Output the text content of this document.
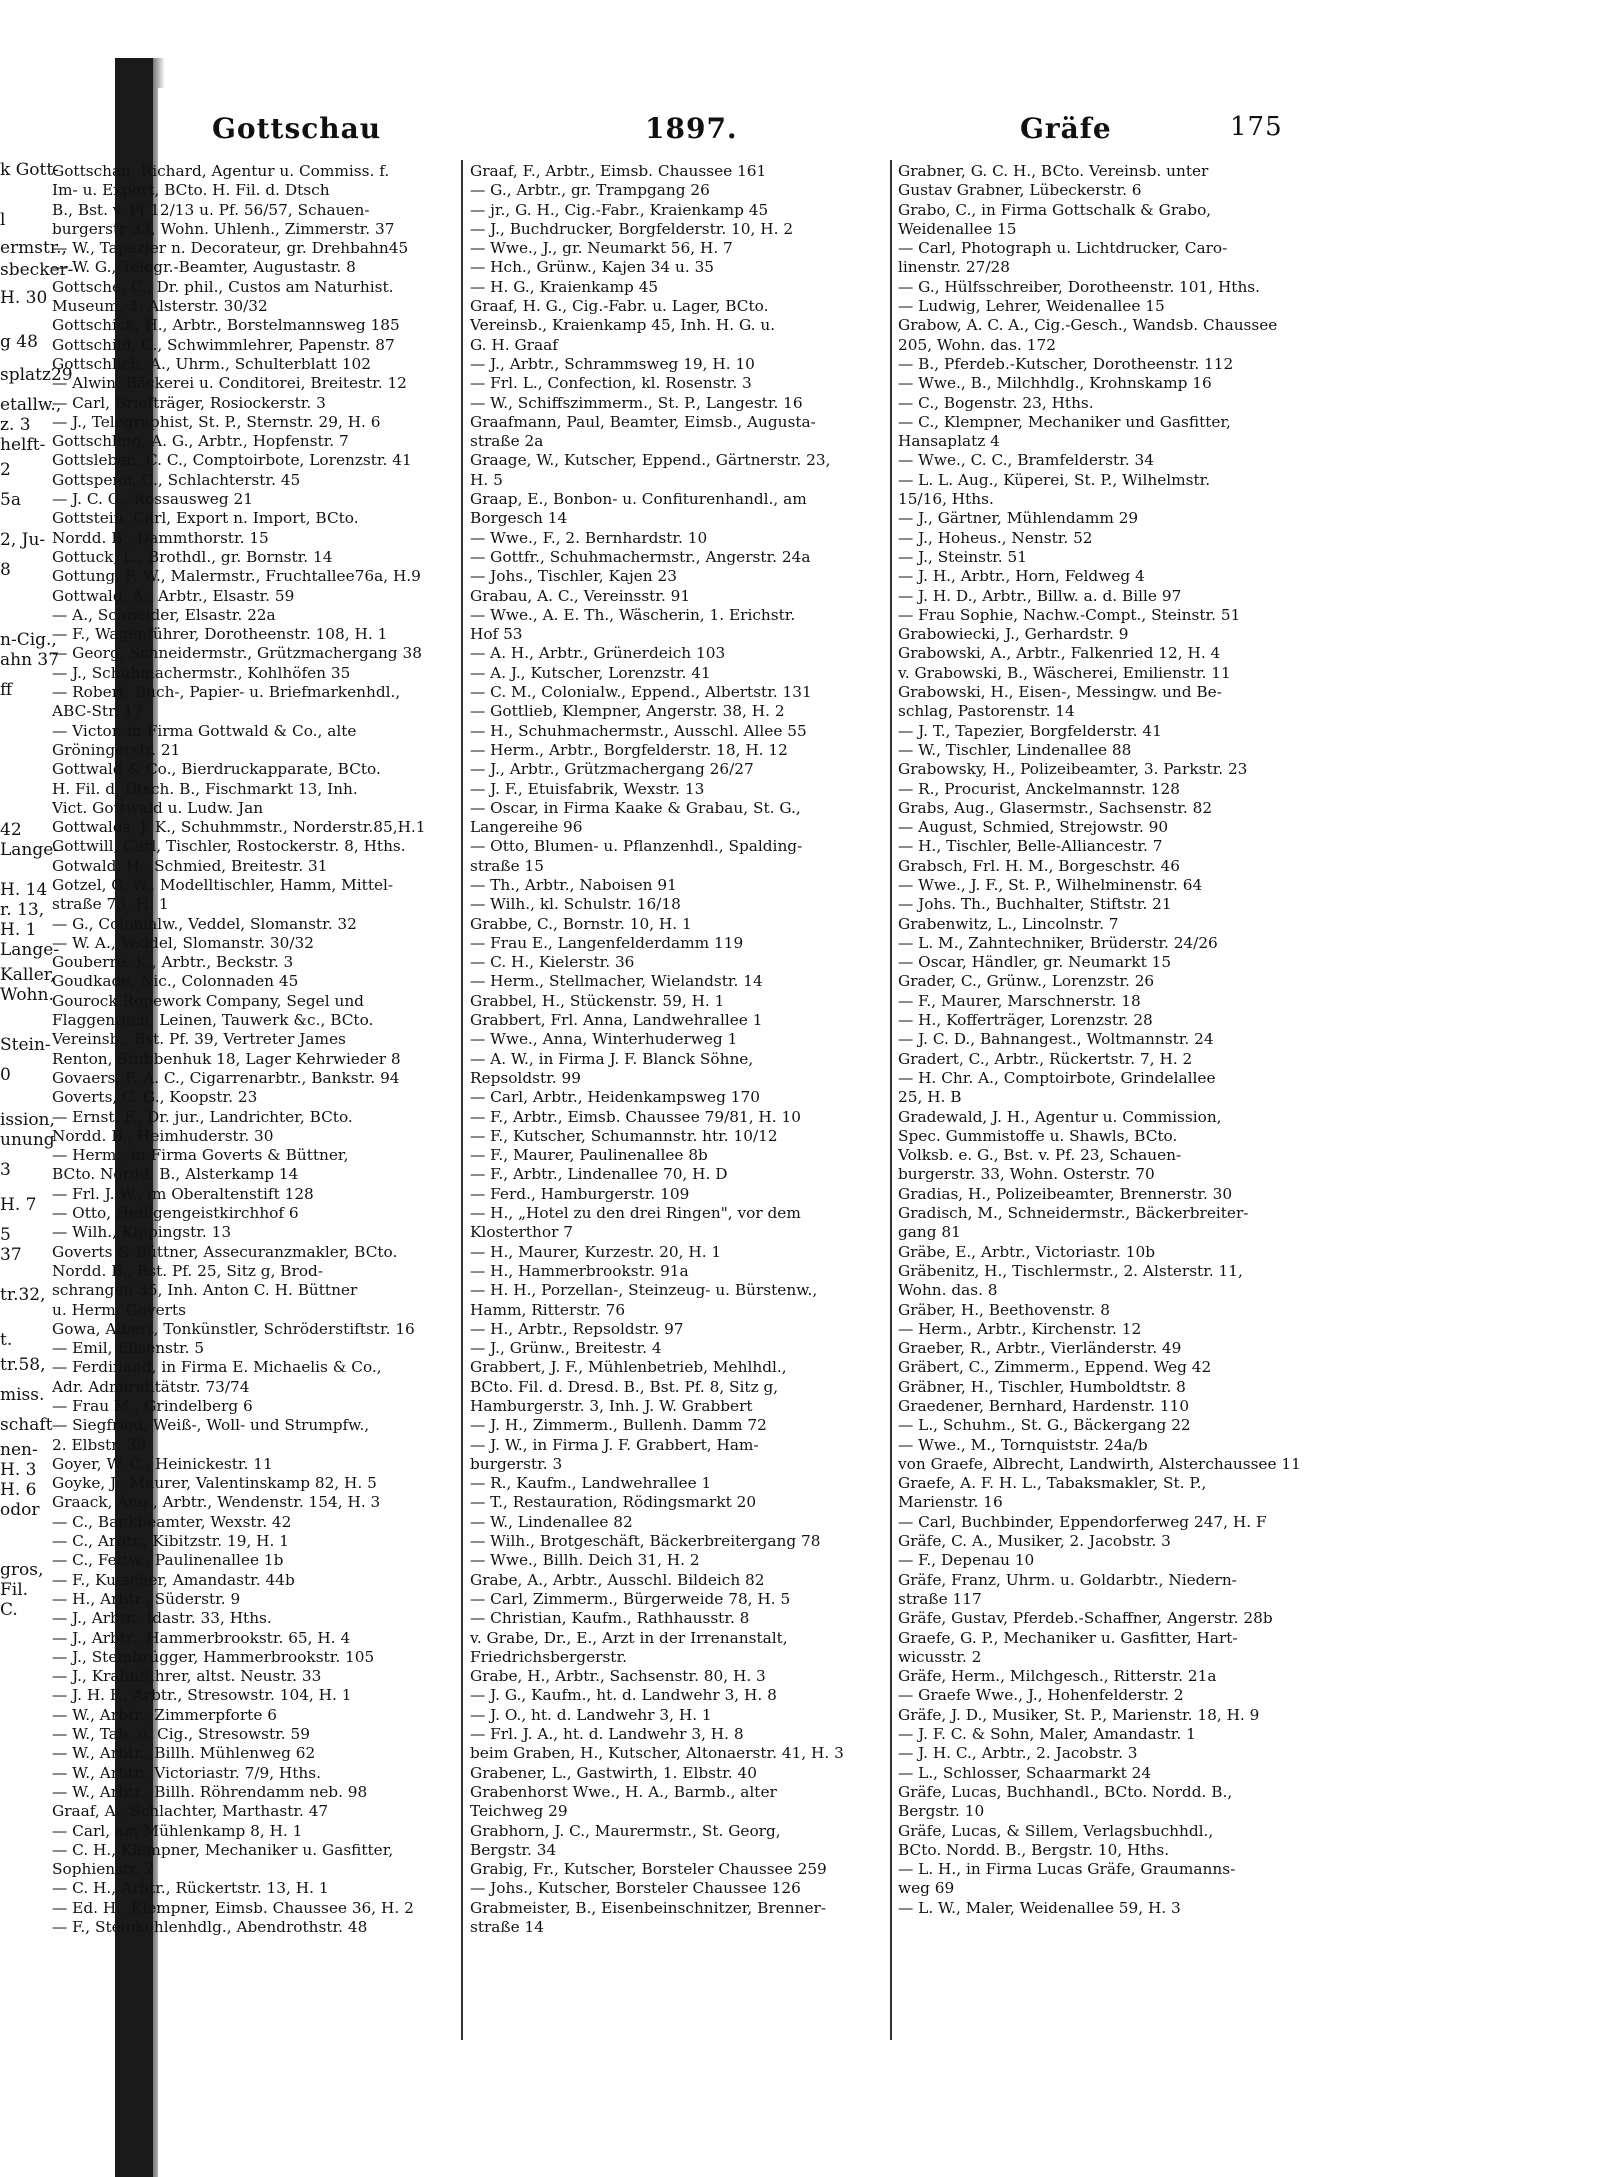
k Gott-
l
ermstr.,
sbecker-
H. 30
g 48
splatz29
etallw.,
z. 3
helft-
2
5a
2, Ju-
8
n-Cig.,
ahn 37
ff
42
Lange-
H. 14
r. 13,
H. 1
Lange-
Kaller,
Wohn.
Stein-
0
ission,
unung
3
H. 7
5
37
tr.32,
t.
tr.58,
miss.
schaft
nen-
H. 3
H. 6
odor
gros,
Fil.
C.
Gottschau	1897.	Gräfe	175
Gottschau, Richard, Agentur u. Commiss. f.
Im- u. Export, BCto. H. Fil. d. Dtsch
B., Bst. v. Pf 12/13 u. Pf. 56/57, Schauen-
burgerstr 33, Wohn. Uhlenh., Zimmerstr. 37
— W., Tapezier n. Decorateur, gr. Drehbahn45
— W. G., Telegr.-Beamter, Augustastr. 8
Gottsche, C., Dr. phil., Custos am Naturhist.
Museum, 3. Alsterstr. 30/32
Gottschick, H., Arbtr., Borstelmannsweg 185
Gottschild, C., Schwimmlehrer, Papenstr. 87
Gottschlich, A., Uhrm., Schulterblatt 102
— Alwin, Bäckerei u. Conditorei, Breitestr. 12
— Carl, Briefträger, Rosiockerstr. 3
— J., Telegraphist, St. P., Sternstr. 29, H. 6
Gottschling, A. G., Arbtr., Hopfenstr. 7
Gottsleben, C. C., Comptoirbote, Lorenzstr. 41
Gottspenn, C., Schlachterstr. 45
— J. C. C., Rossausweg 21
Gottstein, Carl, Export n. Import, BCto.
Nordd. B., Dammthorstr. 15
Gottuck, L., Brothdl., gr. Bornstr. 14
Gottung, F. W., Malermstr., Fruchtallee76a, H.9
Gottwald, A., Arbtr., Elsastr. 59
— A., Schneider, Elsastr. 22a
— F., Wagenführer, Dorotheenstr. 108, H. 1
— Georg, Schneidermstr., Grützmachergang 38
— J., Schuhmachermstr., Kohlhöfen 35
— Robert, Buch-, Papier- u. Briefmarkenhdl.,
ABC-Str. 17
— Victor, in Firma Gottwald & Co., alte
Gröningerstr. 21
Gottwald & Co., Bierdruckapparate, BCto.
H. Fil. d. Dtsch. B., Fischmarkt 13, Inh.
Vict. Gottwald u. Ludw. Jan
Gottwalds, J. K., Schuhmmstr., Norderstr.85,H.1
Gottwill, Carl, Tischler, Rostockerstr. 8, Hths.
Gotwald, H., Schmied, Breitestr. 31
Gotzel, C. W., Modelltischler, Hamm, Mittel-
straße 73, H. 1
— G., Colonialw., Veddel, Slomanstr. 32
— W. A., Veddel, Slomanstr. 30/32
Gouberre, K., Arbtr., Beckstr. 3
Goudkade, Nic., Colonnaden 45
Gourock Ropework Company, Segel und
Flaggentuch, Leinen, Tauwerk &c., BCto.
Vereinsb., Bst. Pf. 39, Vertreter James
Renton, Stubbenhuk 18, Lager Kehrwieder 8
Govaers, F. A. C., Cigarrenarbtr., Bankstr. 94
Goverts, C. G., Koopstr. 23
— Ernst, F., Dr. jur., Landrichter, BCto.
Nordd. B., Heimhuderstr. 30
— Herm., in Firma Goverts & Büttner,
BCto. Nordd. B., Alsterkamp 14
— Frl. J. W., im Oberaltenstift 128
— Otto, Heiligengeistkirchhof 6
— Wilh., Kippingstr. 13
Goverts & Büttner, Assecuranzmakler, BCto.
Nordd. B., Bst. Pf. 25, Sitz g, Brod-
schrangen 35, Inh. Anton C. H. Büttner
u. Herm. Goverts
Gowa, Albert, Tonkünstler, Schröderstiftstr. 16
— Emil, Ellsenstr. 5
— Ferdinand, in Firma E. Michaelis & Co.,
Adr. Admiralitätstr. 73/74
— Frau M., Grindelberg 6
— Siegfried, Weiß-, Woll- und Strumpfw.,
2. Elbstr. 39
Goyer, W. C., Heinickestr. 11
Goyke, J., Maurer, Valentinskamp 82, H. 5
Graack, Aug., Arbtr., Wendenstr. 154, H. 3
— C., Bankbeamter, Wexstr. 42
— C., Arbtr., Kibitzstr. 19, H. 1
— C., Fettw., Paulinenallee 1b
— F., Kutscher, Amandastr. 44b
— H., Arbtr., Süderstr. 9
— J., Arbtr., Idastr. 33, Hths.
— J., Arbtr., Hammerbrookstr. 65, H. 4
— J., Steinbrügger, Hammerbrookstr. 105
— J., Krahnführer, altst. Neustr. 33
— J. H. F., Arbtr., Stresowstr. 104, H. 1
— W., Arbtr., Zimmerpforte 6
— W., Tab. u. Cig., Stresowstr. 59
— W., Arbtr., Billh. Mühlenweg 62
— W., Arbtr., Victoriastr. 7/9, Hths.
— W., Arbtr., Billh. Röhrendamm neb. 98
Graaf, A., Schlachter, Marthastr. 47
— Carl, am Mühlenkamp 8, H. 1
— C. H., Klempner, Mechaniker u. Gasfitter,
Sophienstr. 2
— C. H., Arbtr., Rückertstr. 13, H. 1
— Ed. H., Klempner, Eimsb. Chaussee 36, H. 2
— F., Steinkohlenhdlg., Abendrothstr. 48
Graaf, F., Arbtr., Eimsb. Chaussee 161
— G., Arbtr., gr. Trampgang 26
— jr., G. H., Cig.-Fabr., Kraienkamp 45
— J., Buchdrucker, Borgfelderstr. 10, H. 2
— Wwe., J., gr. Neumarkt 56, H. 7
— Hch., Grünw., Kajen 34 u. 35
— H. G., Kraienkamp 45
Graaf, H. G., Cig.-Fabr. u. Lager, BCto.
Vereinsb., Kraienkamp 45, Inh. H. G. u.
G. H. Graaf
— J., Arbtr., Schrammsweg 19, H. 10
— Frl. L., Confection, kl. Rosenstr. 3
— W., Schiffszimmerm., St. P., Langestr. 16
Graafmann, Paul, Beamter, Eimsb., Augusta-
straße 2a
Graage, W., Kutscher, Eppend., Gärtnerstr. 23,
H. 5
Graap, E., Bonbon- u. Confiturenhandl., am
Borgesch 14
— Wwe., F., 2. Bernhardstr. 10
— Gottfr., Schuhmachermstr., Angerstr. 24a
— Johs., Tischler, Kajen 23
Grabau, A. C., Vereinsstr. 91
— Wwe., A. E. Th., Wäscherin, 1. Erichstr.
Hof 53
— A. H., Arbtr., Grünerdeich 103
— A. J., Kutscher, Lorenzstr. 41
— C. M., Colonialw., Eppend., Albertstr. 131
— Gottlieb, Klempner, Angerstr. 38, H. 2
— H., Schuhmachermstr., Ausschl. Allee 55
— Herm., Arbtr., Borgfelderstr. 18, H. 12
— J., Arbtr., Grützmachergang 26/27
— J. F., Etuisfabrik, Wexstr. 13
— Oscar, in Firma Kaake & Grabau, St. G.,
Langereihe 96
— Otto, Blumen- u. Pflanzenhdl., Spalding-
straße 15
— Th., Arbtr., Naboisen 91
— Wilh., kl. Schulstr. 16/18
Grabbe, C., Bornstr. 10, H. 1
— Frau E., Langenfelderdamm 119
— C. H., Kielerstr. 36
— Herm., Stellmacher, Wielandstr. 14
Grabbel, H., Stückenstr. 59, H. 1
Grabbert, Frl. Anna, Landwehrallee 1
— Wwe., Anna, Winterhuderweg 1
— A. W., in Firma J. F. Blanck Söhne,
Repsoldstr. 99
— Carl, Arbtr., Heidenkampsweg 170
— F., Arbtr., Eimsb. Chaussee 79/81, H. 10
— F., Kutscher, Schumannstr. htr. 10/12
— F., Maurer, Paulinenallee 8b
— F., Arbtr., Lindenallee 70, H. D
— Ferd., Hamburgerstr. 109
— H., „Hotel zu den drei Ringen", vor dem
Klosterthor 7
— H., Maurer, Kurzestr. 20, H. 1
— H., Hammerbrookstr. 91a
— H. H., Porzellan-, Steinzeug- u. Bürstenw.,
Hamm, Ritterstr. 76
— H., Arbtr., Repsoldstr. 97
— J., Grünw., Breitestr. 4
Grabbert, J. F., Mühlenbetrieb, Mehlhdl.,
BCto. Fil. d. Dresd. B., Bst. Pf. 8, Sitz g,
Hamburgerstr. 3, Inh. J. W. Grabbert
— J. H., Zimmerm., Bullenh. Damm 72
— J. W., in Firma J. F. Grabbert, Ham-
burgerstr. 3
— R., Kaufm., Landwehrallee 1
— T., Restauration, Rödingsmarkt 20
— W., Lindenallee 82
— Wilh., Brotgeschäft, Bäckerbreitergang 78
— Wwe., Billh. Deich 31, H. 2
Grabe, A., Arbtr., Ausschl. Bildeich 82
— Carl, Zimmerm., Bürgerweide 78, H. 5
— Christian, Kaufm., Rathhausstr. 8
v. Grabe, Dr., E., Arzt in der Irrenanstalt,
Friedrichsbergerstr.
Grabe, H., Arbtr., Sachsenstr. 80, H. 3
— J. G., Kaufm., ht. d. Landwehr 3, H. 8
— J. O., ht. d. Landwehr 3, H. 1
— Frl. J. A., ht. d. Landwehr 3, H. 8
beim Graben, H., Kutscher, Altonaerstr. 41, H. 3
Grabener, L., Gastwirth, 1. Elbstr. 40
Grabenhorst Wwe., H. A., Barmb., alter
Teichweg 29
Grabhorn, J. C., Maurermstr., St. Georg,
Bergstr. 34
Grabig, Fr., Kutscher, Borsteler Chaussee 259
— Johs., Kutscher, Borsteler Chaussee 126
Grabmeister, B., Eisenbeinschnitzer, Brenner-
straße 14
Grabner, G. C. H., BCto. Vereinsb. unter
Gustav Grabner, Lübeckerstr. 6
Grabo, C., in Firma Gottschalk & Grabo,
Weidenallee 15
— Carl, Photograph u. Lichtdrucker, Caro-
linenstr. 27/28
— G., Hülfsschreiber, Dorotheenstr. 101, Hths.
— Ludwig, Lehrer, Weidenallee 15
Grabow, A. C. A., Cig.-Gesch., Wandsb. Chaussee
205, Wohn. das. 172
— B., Pferdeb.-Kutscher, Dorotheenstr. 112
— Wwe., B., Milchhdlg., Krohnskamp 16
— C., Bogenstr. 23, Hths.
— C., Klempner, Mechaniker und Gasfitter,
Hansaplatz 4
— Wwe., C. C., Bramfelderstr. 34
— L. L. Aug., Küperei, St. P., Wilhelmstr.
15/16, Hths.
— J., Gärtner, Mühlendamm 29
— J., Hoheus., Nenstr. 52
— J., Steinstr. 51
— J. H., Arbtr., Horn, Feldweg 4
— J. H. D., Arbtr., Billw. a. d. Bille 97
— Frau Sophie, Nachw.-Compt., Steinstr. 51
Grabowiecki, J., Gerhardstr. 9
Grabowski, A., Arbtr., Falkenried 12, H. 4
v. Grabowski, B., Wäscherei, Emilienstr. 11
Grabowski, H., Eisen-, Messingw. und Be-
schlag, Pastorenstr. 14
— J. T., Tapezier, Borgfelderstr. 41
— W., Tischler, Lindenallee 88
Grabowsky, H., Polizeibeamter, 3. Parkstr. 23
— R., Procurist, Anckelmannstr. 128
Grabs, Aug., Glasermstr., Sachsenstr. 82
— August, Schmied, Strejowstr. 90
— H., Tischler, Belle-Alliancestr. 7
Grabsch, Frl. H. M., Borgeschstr. 46
— Wwe., J. F., St. P., Wilhelminenstr. 64
— Johs. Th., Buchhalter, Stiftstr. 21
Grabenwitz, L., Lincolnstr. 7
— L. M., Zahntechniker, Brüderstr. 24/26
— Oscar, Händler, gr. Neumarkt 15
Grader, C., Grünw., Lorenzstr. 26
— F., Maurer, Marschnerstr. 18
— H., Kofferträger, Lorenzstr. 28
— J. C. D., Bahnangest., Woltmannstr. 24
Gradert, C., Arbtr., Rückertstr. 7, H. 2
— H. Chr. A., Comptoirbote, Grindelallee
25, H. B
Gradewald, J. H., Agentur u. Commission,
Spec. Gummistoffe u. Shawls, BCto.
Volksb. e. G., Bst. v. Pf. 23, Schauen-
burgerstr. 33, Wohn. Osterstr. 70
Gradias, H., Polizeibeamter, Brennerstr. 30
Gradisch, M., Schneidermstr., Bäckerbreiter-
gang 81
Gräbe, E., Arbtr., Victoriastr. 10b
Gräbenitz, H., Tischlermstr., 2. Alsterstr. 11,
Wohn. das. 8
Gräber, H., Beethovenstr. 8
— Herm., Arbtr., Kirchenstr. 12
Graeber, R., Arbtr., Vierländerstr. 49
Gräbert, C., Zimmerm., Eppend. Weg 42
Gräbner, H., Tischler, Humboldtstr. 8
Graedener, Bernhard, Hardenstr. 110
— L., Schuhm., St. G., Bäckergang 22
— Wwe., M., Tornquiststr. 24a/b
von Graefe, Albrecht, Landwirth, Alsterchaussee 11
Graefe, A. F. H. L., Tabaksmakler, St. P.,
Marienstr. 16
— Carl, Buchbinder, Eppendorferweg 247, H. F
Gräfe, C. A., Musiker, 2. Jacobstr. 3
— F., Depenau 10
Gräfe, Franz, Uhrm. u. Goldarbtr., Niedern-
straße 117
Gräfe, Gustav, Pferdeb.-Schaffner, Angerstr. 28b
Graefe, G. P., Mechaniker u. Gasfitter, Hart-
wicusstr. 2
Gräfe, Herm., Milchgesch., Ritterstr. 21a
— Graefe Wwe., J., Hohenfelderstr. 2
Gräfe, J. D., Musiker, St. P., Marienstr. 18, H. 9
— J. F. C. & Sohn, Maler, Amandastr. 1
— J. H. C., Arbtr., 2. Jacobstr. 3
— L., Schlosser, Schaarmarkt 24
Gräfe, Lucas, Buchhandl., BCto. Nordd. B.,
Bergstr. 10
Gräfe, Lucas, & Sillem, Verlagsbuchhdl.,
BCto. Nordd. B., Bergstr. 10, Hths.
— L. H., in Firma Lucas Gräfe, Graumanns-
weg 69
— L. W., Maler, Weidenallee 59, H. 3
